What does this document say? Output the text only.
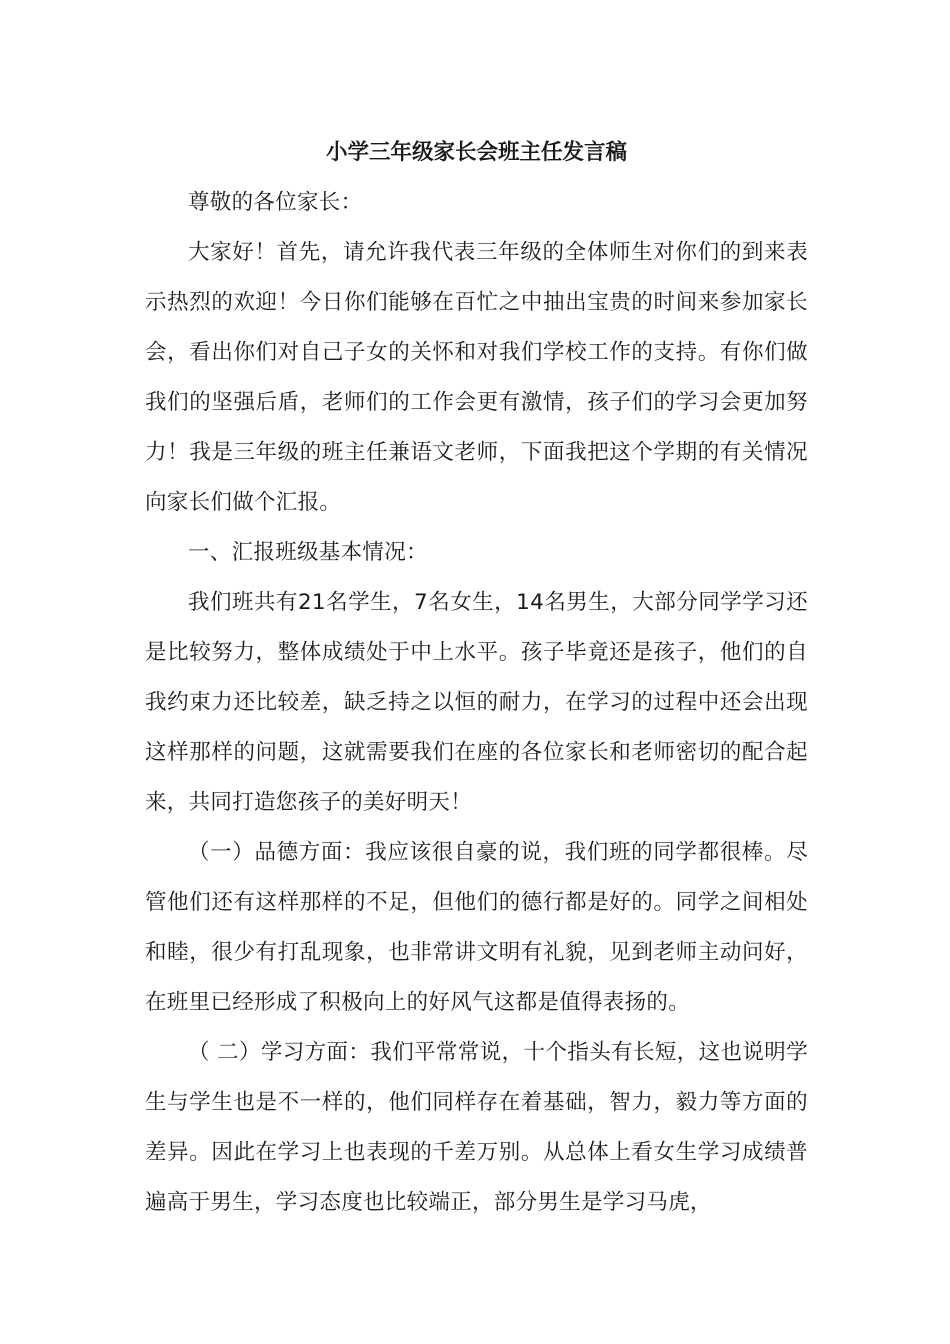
小学三年级家长会班主任发言稿

尊敬的各位家长：

大家好！首先，请允许我代表三年级的全体师生对你们的到来表示热烈的欢迎！今日你们能够在百忙之中抽出宝贵的时间来参加家长会，看出你们对自己子女的关怀和对我们学校工作的支持。有你们做我们的坚强后盾，老师们的工作会更有激情，孩子们的学习会更加努力！我是三年级的班主任兼语文老师，下面我把这个学期的有关情况向家长们做个汇报。

一、汇报班级基本情况：

我们班共有21名学生，7名女生，14名男生，大部分同学学习还是比较努力，整体成绩处于中上水平。孩子毕竟还是孩子，他们的自我约束力还比较差，缺乏持之以恒的耐力，在学习的过程中还会出现这样那样的问题，这就需要我们在座的各位家长和老师密切的配合起来，共同打造您孩子的美好明天！

（一）品德方面：我应该很自豪的说，我们班的同学都很棒。尽管他们还有这样那样的不足，但他们的德行都是好的。同学之间相处和睦，很少有打乱现象，也非常讲文明有礼貌，见到老师主动问好，在班里已经形成了积极向上的好风气这都是值得表扬的。

（ 二）学习方面：我们平常常说，十个指头有长短，这也说明学生与学生也是不一样的，他们同样存在着基础，智力，毅力等方面的差异。因此在学习上也表现的千差万别。从总体上看女生学习成绩普遍高于男生，学习态度也比较端正，部分男生是学习马虎，
